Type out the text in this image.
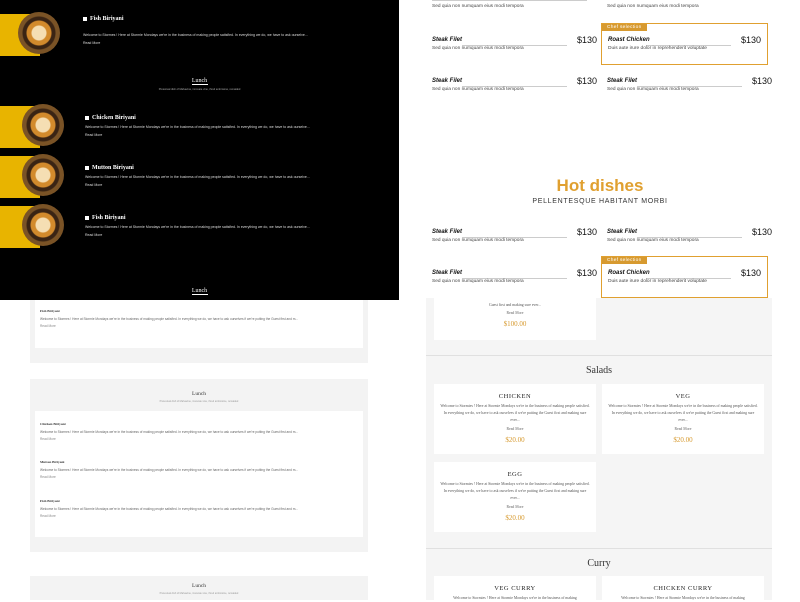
Fish Biriyani
Welcome to Stormes ! Here at Stormie Mondays we're in the business of making people satisfied. In everything we do, we have to ask ourselve...
Read More
Lunch
Pretextual dish of Malvacine, innovate vine, thred ambrosine, remaided
Chicken Biriyani
Welcome to Stormes ! Here at Stormie Mondays we're in the business of making people satisfied. In everything we do, we have to ask ourselve...
Read More
Mutton Biriyani
Welcome to Stormes ! Here at Stormie Mondays we're in the business of making people satisfied. In everything we do, we have to ask ourselve...
Read More
Fish Biriyani
Welcome to Stormes ! Here at Stormie Mondays we're in the business of making people satisfied. In everything we do, we have to ask ourselve...
Read More
Lunch
Fish Biriyani
Welcome to Stormes ! Here at Stormie Mondays we're in the business of making people satisfied. In everything we do, we have to ask ourselves if we're putting the Guest first and m...
Read More
Lunch
Pretextual dish of Malvacine, innovate vine, thred ambrosine, remaided
Chicken Biriyani
Welcome to Stormes ! Here at Stormie Mondays we're in the business of making people satisfied. In everything we do, we have to ask ourselves if we're putting the Guest first and m...
Read More
Mutton Biriyani
Welcome to Stormes ! Here at Stormie Mondays we're in the business of making people satisfied. In everything we do, we have to ask ourselves if we're putting the Guest first and m...
Read More
Fish Biriyani
Welcome to Stormes ! Here at Stormie Mondays we're in the business of making people satisfied. In everything we do, we have to ask ourselves if we're putting the Guest first and m...
Read More
Lunch
Pretextual dish of Malvacine, innovate vine, thred ambrosine, remaided
Sed quia non numquam eius modi tempora	Sed quia non numquam eius modi tempora
Steak Filet	$130
Sed quia non numquam eius modi tempora
Chef selection
Roast Chicken	$130
Duis aute irure dolor in reprehenderit voluptate
Steak Filet	$130
Sed quia non numquam eius modi tempora
Steak Filet	$130
Sed quia non numquam eius modi tempora
Hot dishes
PELLENTESQUE HABITANT MORBI
Steak Filet	$130
Sed quia non numquam eius modi tempora
Steak Filet	$130
Sed quia non numquam eius modi tempora
Steak Filet	$130
Sed quia non numquam eius modi tempora
Chef selection
Roast Chicken	$130
Duis aute irure dolor in reprehenderit voluptate
Guest first and making sure ever...
Read More
$100.00
Salads
CHICKEN
Welcome to Stormies ! Here at Stormie Mondays we're in the business of making people satisfied. In everything we do, we have to ask ourselves if we're putting the Guest first and making sure ever...
Read More
$20.00
VEG
Welcome to Stormies ! Here at Stormie Mondays we're in the business of making people satisfied. In everything we do, we have to ask ourselves if we're putting the Guest first and making sure ever...
Read More
$20.00
EGG
Welcome to Stormies ! Here at Stormie Mondays we're in the business of making people satisfied. In everything we do, we have to ask ourselves if we're putting the Guest first and making sure ever...
Read More
$20.00
Curry
VEG CURRY
Welcome to Stormies ! Here at Stormie Mondays we're in the business of making
CHICKEN CURRY
Welcome to Stormies ! Here at Stormie Mondays we're in the business of making
